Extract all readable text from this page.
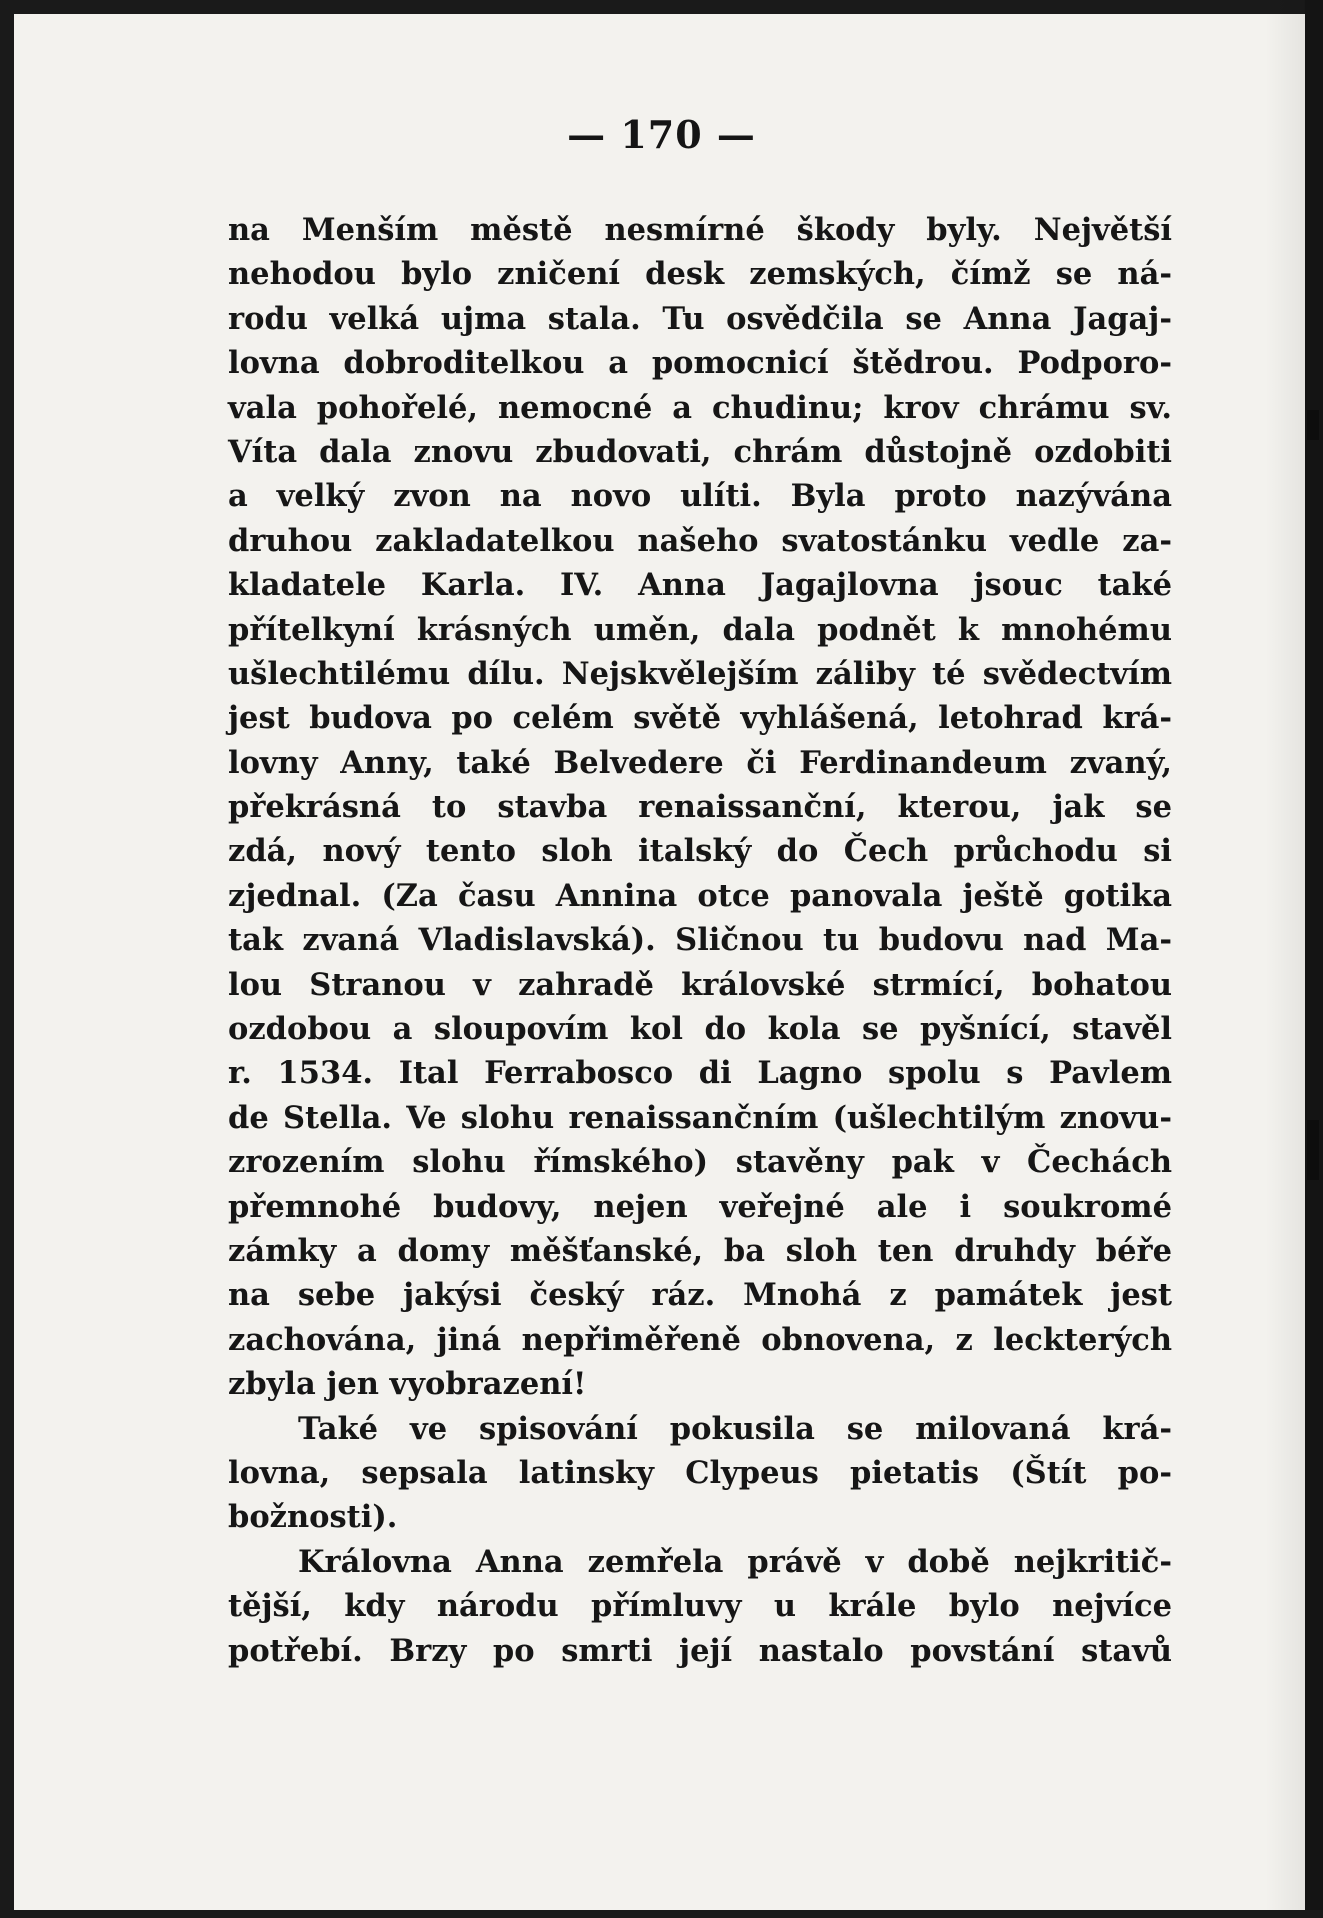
— 170 —
na Menším městě nesmírné škody byly. Největší
nehodou bylo zničení desk zemských, čímž se ná-
rodu velká ujma stala. Tu osvědčila se Anna Jagaj-
lovna dobroditelkou a pomocnicí štědrou. Podporo-
vala pohořelé, nemocné a chudinu; krov chrámu sv.
Víta dala znovu zbudovati, chrám důstojně ozdobiti
a velký zvon na novo ulíti. Byla proto nazývána
druhou zakladatelkou našeho svatostánku vedle za-
kladatele Karla. IV. Anna Jagajlovna jsouc také
přítelkyní krásných uměn, dala podnět k mnohému
ušlechtilému dílu. Nejskvělejším záliby té svědectvím
jest budova po celém světě vyhlášená, letohrad krá-
lovny Anny, také Belvedere či Ferdinandeum zvaný,
překrásná to stavba renaissanční, kterou, jak se
zdá, nový tento sloh italský do Čech průchodu si
zjednal. (Za času Annina otce panovala ještě gotika
tak zvaná Vladislavská). Sličnou tu budovu nad Ma-
lou Stranou v zahradě královské strmící, bohatou
ozdobou a sloupovím kol do kola se pyšnící, stavěl
r. 1534. Ital Ferrabosco di Lagno spolu s Pavlem
de Stella. Ve slohu renaissančním (ušlechtilým znovu-
zrozením slohu římského) stavěny pak v Čechách
přemnohé budovy, nejen veřejné ale i soukromé
zámky a domy měšťanské, ba sloh ten druhdy béře
na sebe jakýsi český ráz. Mnohá z památek jest
zachována, jiná nepřiměřeně obnovena, z leckterých
zbyla jen vyobrazení!
Také ve spisování pokusila se milovaná krá-
lovna, sepsala latinsky Clypeus pietatis (Štít po-
božnosti).
Královna Anna zemřela právě v době nejkritič-
tější, kdy národu přímluvy u krále bylo nejvíce
potřebí. Brzy po smrti její nastalo povstání stavů
